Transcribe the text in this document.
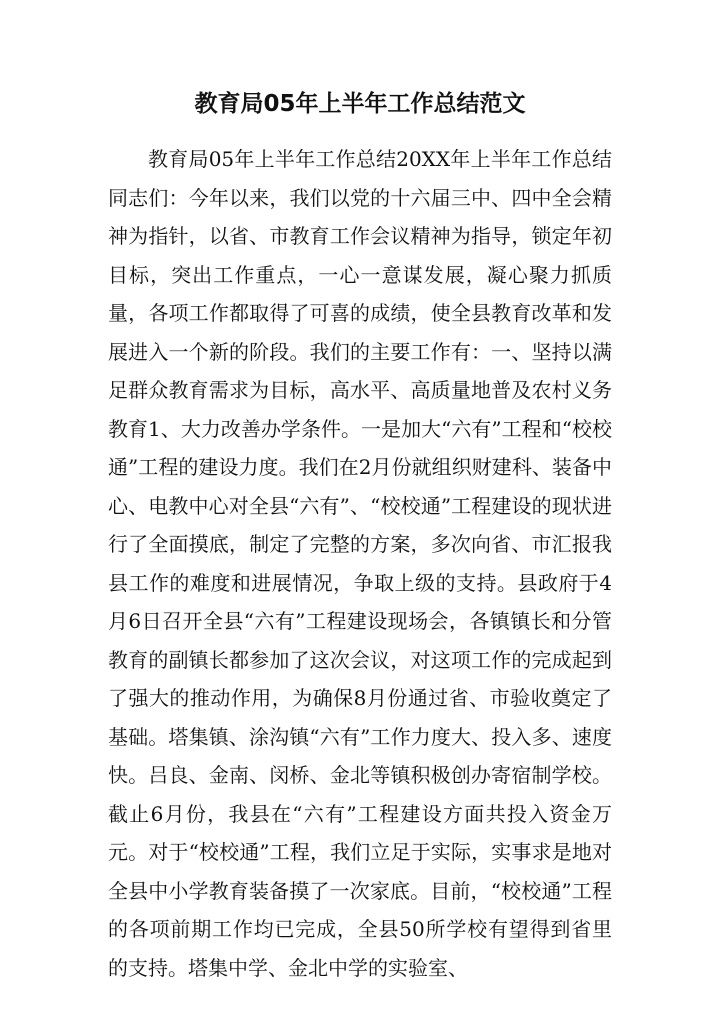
教育局05年上半年工作总结范文

教育局05年上半年工作总结20XX年上半年工作总结同志们：今年以来，我们以党的十六届三中、四中全会精神为指针，以省、市教育工作会议精神为指导，锁定年初目标，突出工作重点，一心一意谋发展，凝心聚力抓质量，各项工作都取得了可喜的成绩，使全县教育改革和发展进入一个新的阶段。我们的主要工作有：一、坚持以满足群众教育需求为目标，高水平、高质量地普及农村义务教育1、大力改善办学条件。一是加大“六有”工程和“校校通”工程的建设力度。我们在2月份就组织财建科、装备中心、电教中心对全县“六有”、“校校通”工程建设的现状进行了全面摸底，制定了完整的方案，多次向省、市汇报我县工作的难度和进展情况，争取上级的支持。县政府于4月6日召开全县“六有”工程建设现场会，各镇镇长和分管教育的副镇长都参加了这次会议，对这项工作的完成起到了强大的推动作用，为确保8月份通过省、市验收奠定了基础。塔集镇、涂沟镇“六有”工作力度大、投入多、速度快。吕良、金南、闵桥、金北等镇积极创办寄宿制学校。截止6月份，我县在“六有”工程建设方面共投入资金万元。对于“校校通”工程，我们立足于实际，实事求是地对全县中小学教育装备摸了一次家底。目前，“校校通”工程的各项前期工作均已完成，全县50所学校有望得到省里的支持。塔集中学、金北中学的实验室、
